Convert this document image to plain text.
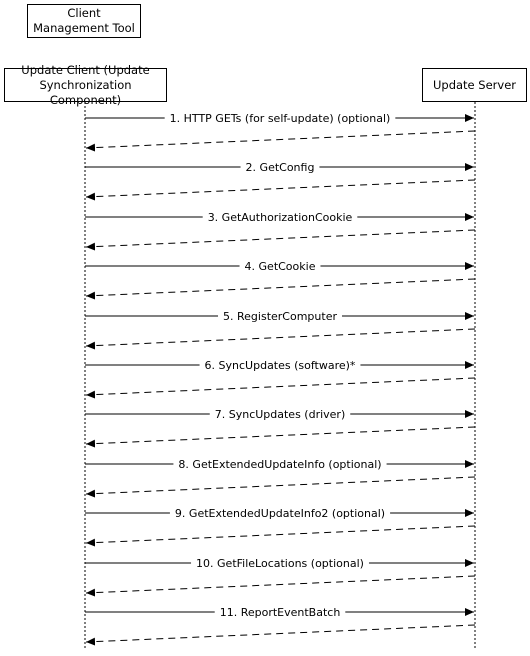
1. HTTP GETs (for self-update) (optional)
2. GetConfig
3. GetAuthorizationCookie
4. GetCookie
5. RegisterComputer
6. SyncUpdates (software)*
7. SyncUpdates (driver)
8. GetExtendedUpdateInfo (optional)
9. GetExtendedUpdateInfo2 (optional)
10. GetFileLocations (optional)
11. ReportEventBatch
Client
Management Tool
Update Client (Update
Synchronization Component)
Update Server
